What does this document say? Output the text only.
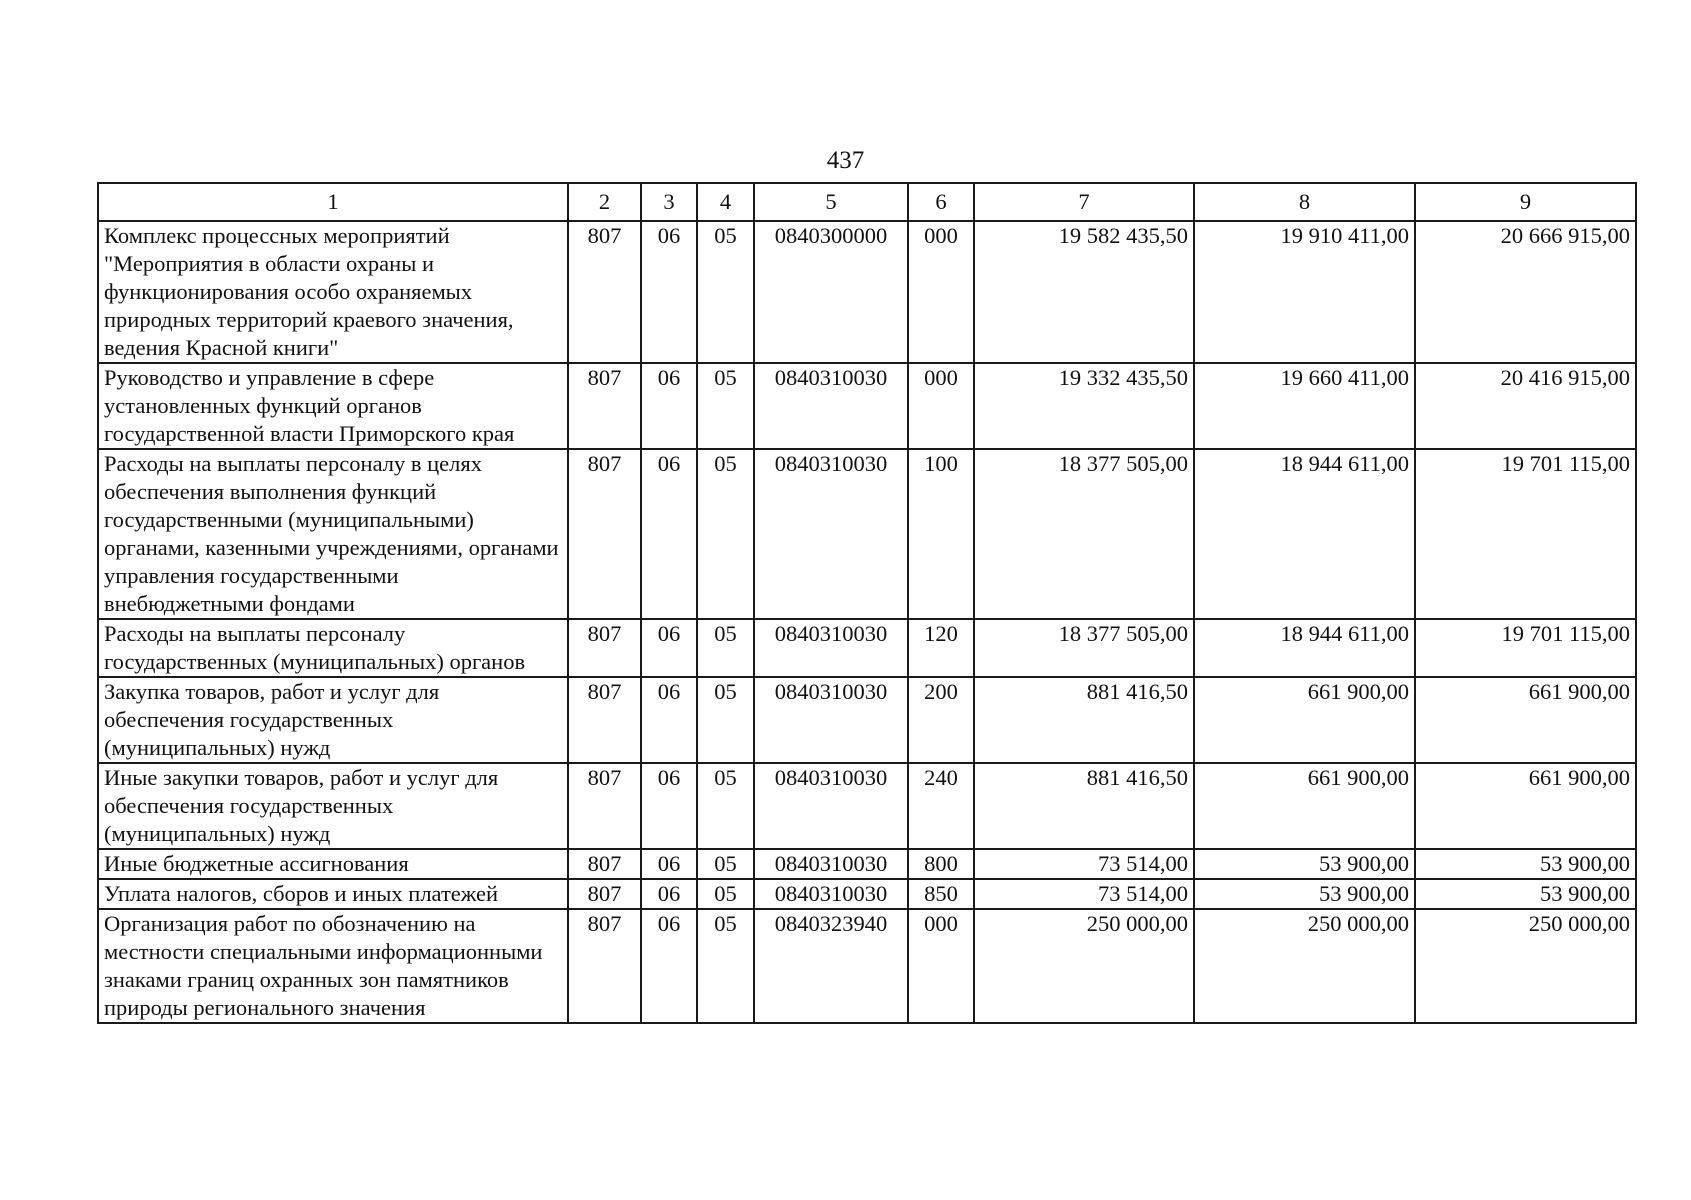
437
1	2	3	4	5	6	7	8	9
Комплекс процессных мероприятий "Мероприятия в области охраны и функционирования особо охраняемых природных территорий краевого значения, ведения Красной книги"	807	06	05	0840300000	000	19 582 435,50	19 910 411,00	20 666 915,00
Руководство и управление в сфере установленных функций органов государственной власти Приморского края	807	06	05	0840310030	000	19 332 435,50	19 660 411,00	20 416 915,00
Расходы на выплаты персоналу в целях обеспечения выполнения функций государственными (муниципальными) органами, казенными учреждениями, органами управления государственными внебюджетными фондами	807	06	05	0840310030	100	18 377 505,00	18 944 611,00	19 701 115,00
Расходы на выплаты персоналу государственных (муниципальных) органов	807	06	05	0840310030	120	18 377 505,00	18 944 611,00	19 701 115,00
Закупка товаров, работ и услуг для обеспечения государственных (муниципальных) нужд	807	06	05	0840310030	200	881 416,50	661 900,00	661 900,00
Иные закупки товаров, работ и услуг для обеспечения государственных (муниципальных) нужд	807	06	05	0840310030	240	881 416,50	661 900,00	661 900,00
Иные бюджетные ассигнования	807	06	05	0840310030	800	73 514,00	53 900,00	53 900,00
Уплата налогов, сборов и иных платежей	807	06	05	0840310030	850	73 514,00	53 900,00	53 900,00
Организация работ по обозначению на местности специальными информационными знаками границ охранных зон памятников природы регионального значения	807	06	05	0840323940	000	250 000,00	250 000,00	250 000,00
